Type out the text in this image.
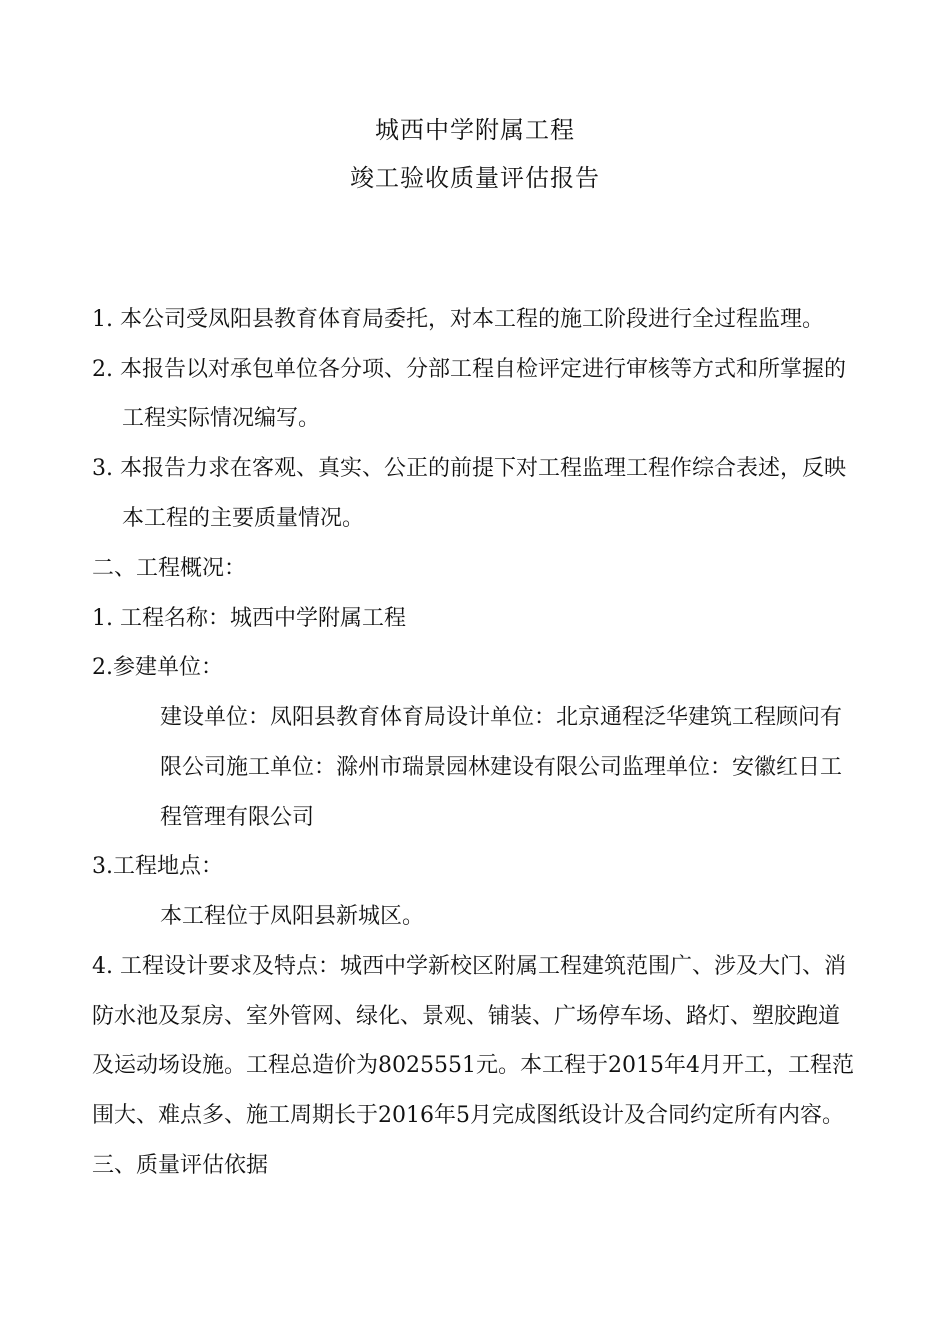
城西中学附属工程
竣工验收质量评估报告
1. 本公司受凤阳县教育体育局委托，对本工程的施工阶段进行全过程监理。
2. 本报告以对承包单位各分项、分部工程自检评定进行审核等方式和所掌握的
工程实际情况编写。
3. 本报告力求在客观、真实、公正的前提下对工程监理工程作综合表述，反映
本工程的主要质量情况。
二、工程概况：
1. 工程名称：城西中学附属工程
2.参建单位：
建设单位：凤阳县教育体育局设计单位：北京通程泛华建筑工程顾问有
限公司施工单位：滁州市瑞景园林建设有限公司监理单位：安徽红日工
程管理有限公司
3.工程地点：
本工程位于凤阳县新城区。
4. 工程设计要求及特点：城西中学新校区附属工程建筑范围广、涉及大门、消
防水池及泵房、室外管网、绿化、景观、铺装、广场停车场、路灯、塑胶跑道
及运动场设施。工程总造价为8025551元。本工程于2015年4月开工，工程范
围大、难点多、施工周期长于2016年5月完成图纸设计及合同约定所有内容。
三、质量评估依据
